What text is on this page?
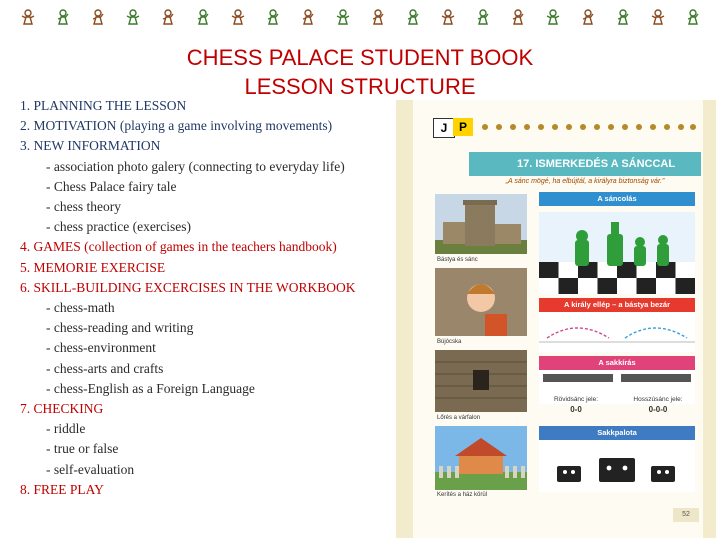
CHESS PALACE STUDENT BOOK
LESSON STRUCTURE
1. PLANNING THE LESSON
2. MOTIVATION (playing a game involving movements)
3. NEW INFORMATION
- association photo galery (connecting to everyday life)
- Chess Palace fairy tale
- chess theory
- chess practice (exercises)
4. GAMES (collection of games in the teachers handbook)
5. MEMORIE EXERCISE
6. SKILL-BUILDING EXCERCISES IN THE WORKBOOK
- chess-math
- chess-reading and writing
- chess-environment
- chess-arts and crafts
- chess-English as a Foreign Language
7. CHECKING
- riddle
- true or false
- self-evaluation
8. FREE PLAY
J P
17. ISMERKEDÉS A SÁNCCAL
„A sánc mögé, ha elbújtál, a királyra biztonság vár.”
A sáncolás
A király ellép – a bástya bezár
A sakkírás
Rövidsánc jele:
0-0
Hosszúsánc jele:
0-0-0
Sakkpalota
Bástya és sánc
Bújócska
Lőrés a várfalon
Kerítés a ház körül
52
